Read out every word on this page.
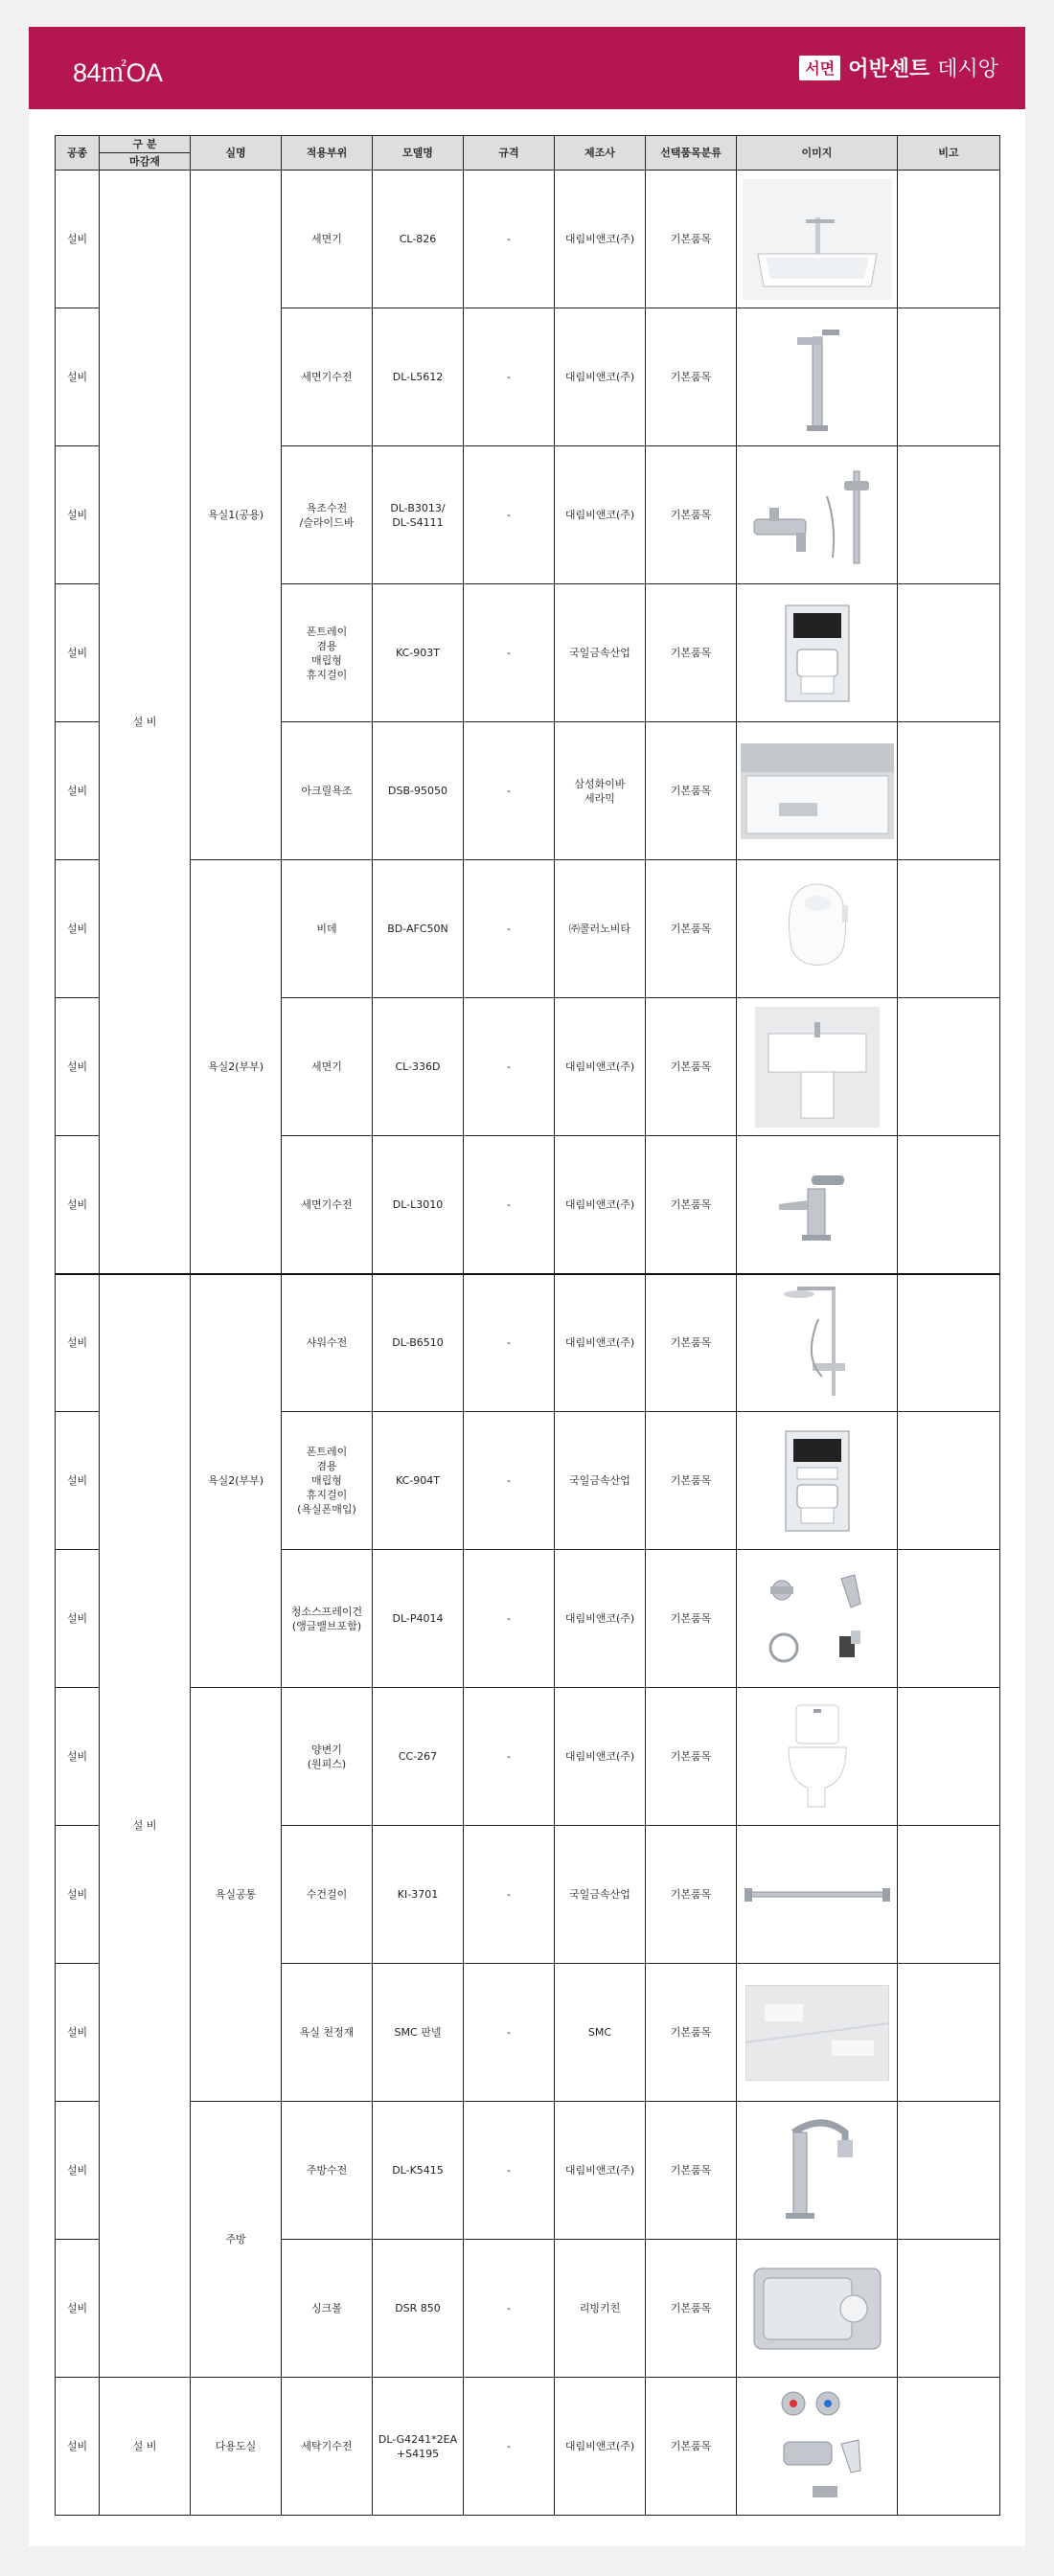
84㎡OA	서면 어반센트 데시앙
공종	구 분	실명	적용부위	모델명	규격	제조사	선택품목분류	이미지	비고
	마감재								
설비	설 비	욕실1(공용)	세면기	CL-826	-	대림비앤코(주)	기본품목	

설비			세면기수전	DL-L5612	-	대림비앤코(주)	기본품목	

설비			욕조수전
/슬라이드바	DL-B3013/
DL-S4111	-	대림비앤코(주)	기본품목	

설비			폰트레이
겸용
매립형
휴지걸이	KC-903T	-	국일금속산업	기본품목	

설비			아크릴욕조	DSB-95050	-	삼성화이바
세라믹	기본품목	

설비		욕실2(부부)	비데	BD-AFC50N	-	㈜콜러노비타	기본품목	

설비			세면기	CL-336D	-	대림비앤코(주)	기본품목	

설비			세면기수전	DL-L3010	-	대림비앤코(주)	기본품목	

설비	설 비	욕실2(부부)	샤워수전	DL-B6510	-	대림비앤코(주)	기본품목	

설비			폰트레이
겸용
매립형
휴지걸이
(욕실폰매입)	KC-904T	-	국일금속산업	기본품목	

설비			청소스프레이건
(앵글밸브포함)	DL-P4014	-	대림비앤코(주)	기본품목	

설비		욕실공통	양변기
(원피스)	CC-267	-	대림비앤코(주)	기본품목	

설비			수건걸이	KI-3701	-	국일금속산업	기본품목	

설비			욕실 천정재	SMC 판넬	-	SMC	기본품목	

설비		주방	주방수전	DL-K5415	-	대림비앤코(주)	기본품목	

설비			싱크볼	DSR 850	-	리빙키친	기본품목	

설비	설 비	다용도실	세탁기수전	DL-G4241*2EA
+S4195	-	대림비앤코(주)	기본품목	
